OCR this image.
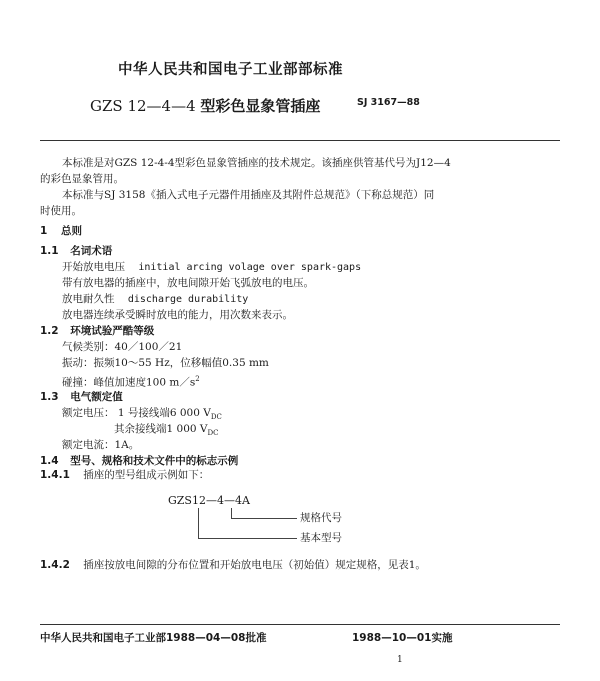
中华人民共和国电子工业部部标准
GZS 12—4—4 型彩色显象管插座	SJ 3167—88
本标准是对GZS 12-4-4型彩色显象管插座的技术规定。该插座供管基代号为J12—4
的彩色显象管用。
本标准与SJ 3158《插入式电子元器件用插座及其附件总规范》（下称总规范）同
时使用。
1 总则
1.1 名词术语
开始放电电压 initial arcing volage over spark-gaps
带有放电器的插座中，放电间隙开始飞弧放电的电压。
放电耐久性 discharge durability
放电器连续承受瞬时放电的能力，用次数来表示。
1.2 环境试验严酷等级
气候类别：40／100／21
振动：振频10～55 Hz，位移幅值0.35 mm
碰撞：峰值加速度100 $m/s^2$
1.3 电气额定值
额定电压： 1 号接线端6 000 $V_{DC}$
其余接线端1 000 $V_{DC}$
额定电流：1A。
1.4 型号、规格和技术文件中的标志示例
1.4.1 插座的型号组成示例如下：
GZS12—4—4A
规格代号
基本型号
1.4.2 插座按放电间隙的分布位置和开始放电电压（初始值）规定规格，见表1。
中华人民共和国电子工业部1988—04—08批准	1988—10—01实施
1
